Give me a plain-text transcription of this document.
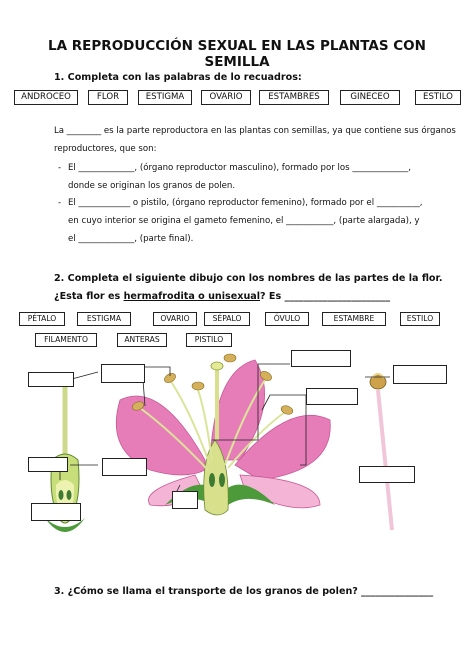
LA REPRODUCCIÓN SEXUAL EN LAS PLANTAS CON
SEMILLA
1. Completa con las palabras de lo recuadros:
ANDROCEO	FLOR	ESTIGMA	OVARIO	ESTAMBRES	GINECEO	ESTILO
La ________ es la parte reproductora en las plantas con semillas, ya que contiene sus órganos
reproductores, que son:
- El _____________, (órgano reproductor masculino), formado por los _____________,
donde se originan los granos de polen.
- El ____________ o pistilo, (órgano reproductor femenino), formado por el __________,
en cuyo interior se origina el gameto femenino, el ___________, (parte alargada), y
el _____________, (parte final).
2. Completa el siguiente dibujo con los nombres de las partes de la flor.
¿Esta flor es hermafrodita o unisexual? Es ______________________
PÉTALO	ESTIGMA	OVARIO	SÉPALO	ÓVULO	ESTAMBRE	ESTILO
FILAMENTO	ANTERAS	PISTILO
3. ¿Cómo se llama el transporte de los granos de polen? _______________
